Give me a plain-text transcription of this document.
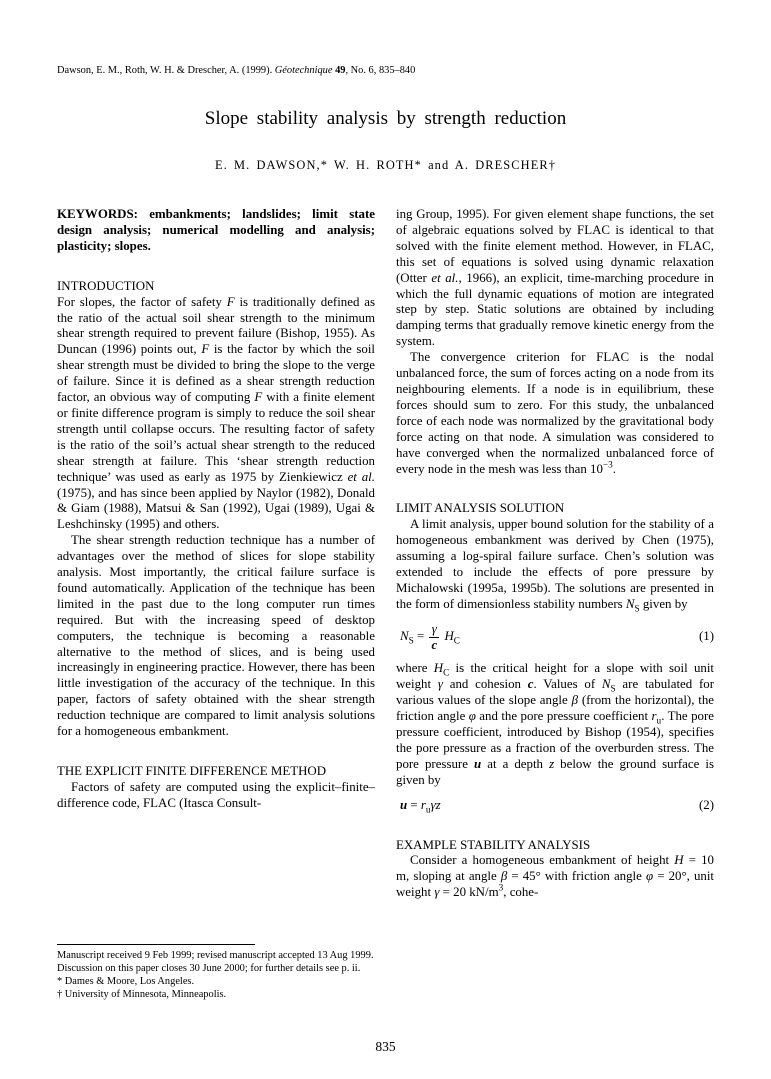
Dawson, E. M., Roth, W. H. & Drescher, A. (1999). Géotechnique 49, No. 6, 835–840
Slope stability analysis by strength reduction
E. M. DAWSON,* W. H. ROTH* and A. DRESCHER†

KEYWORDS: embankments; landslides; limit state design analysis; numerical modelling and analysis; plasticity; slopes.

INTRODUCTION

For slopes, the factor of safety F is traditionally defined as the ratio of the actual soil shear strength to the minimum shear strength required to prevent failure (Bishop, 1955). As Duncan (1996) points out, F is the factor by which the soil shear strength must be divided to bring the slope to the verge of failure. Since it is defined as a shear strength reduction factor, an obvious way of computing F with a finite element or finite difference program is simply to reduce the soil shear strength until collapse occurs. The resulting factor of safety is the ratio of the soil’s actual shear strength to the reduced shear strength at failure. This ‘shear strength reduction technique’ was used as early as 1975 by Zienkiewicz et al. (1975), and has since been applied by Naylor (1982), Donald & Giam (1988), Matsui & San (1992), Ugai (1989), Ugai & Leshchinsky (1995) and others.

The shear strength reduction technique has a number of advantages over the method of slices for slope stability analysis. Most importantly, the critical failure surface is found automatically. Application of the technique has been limited in the past due to the long computer run times required. But with the increasing speed of desktop computers, the technique is becoming a reasonable alternative to the method of slices, and is being used increasingly in engineering practice. However, there has been little investigation of the accuracy of the technique. In this paper, factors of safety obtained with the shear strength reduction technique are compared to limit analysis solutions for a homogeneous embankment.

THE EXPLICIT FINITE DIFFERENCE METHOD

Factors of safety are computed using the explicit–finite–difference code, FLAC (Itasca Consult-

ing Group, 1995). For given element shape functions, the set of algebraic equations solved by FLAC is identical to that solved with the finite element method. However, in FLAC, this set of equations is solved using dynamic relaxation (Otter et al., 1966), an explicit, time-marching procedure in which the full dynamic equations of motion are integrated step by step. Static solutions are obtained by including damping terms that gradually remove kinetic energy from the system.

The convergence criterion for FLAC is the nodal unbalanced force, the sum of forces acting on a node from its neighbouring elements. If a node is in equilibrium, these forces should sum to zero. For this study, the unbalanced force of each node was normalized by the gravitational body force acting on that node. A simulation was considered to have converged when the normalized unbalanced force of every node in the mesh was less than $10^{-3}$.

LIMIT ANALYSIS SOLUTION

A limit analysis, upper bound solution for the stability of a homogeneous embankment was derived by Chen (1975), assuming a log-spiral failure surface. Chen’s solution was extended to include the effects of pore pressure by Michalowski (1995a, 1995b). The solutions are presented in the form of dimensionless stability numbers $N_S$ given by

$N_S = \frac{\gamma}{c} H_C$	(1)

where $H_C$ is the critical height for a slope with soil unit weight γ and cohesion c. Values of $N_S$ are tabulated for various values of the slope angle β (from the horizontal), the friction angle φ and the pore pressure coefficient $r_u$. The pore pressure coefficient, introduced by Bishop (1954), specifies the pore pressure as a fraction of the overburden stress. The pore pressure u at a depth z below the ground surface is given by

$u = r_u\gamma z$	(2)
EXAMPLE STABILITY ANALYSIS

Consider a homogeneous embankment of height H = 10 m, sloping at angle β = 45° with friction angle φ = 20°, unit weight γ = 20 $kN/m^3$, cohe-

Manuscript received 9 Feb 1999; revised manuscript accepted 13 Aug 1999.

Discussion on this paper closes 30 June 2000; for further details see p. ii.

* Dames & Moore, Los Angeles.

† University of Minnesota, Minneapolis.

835
